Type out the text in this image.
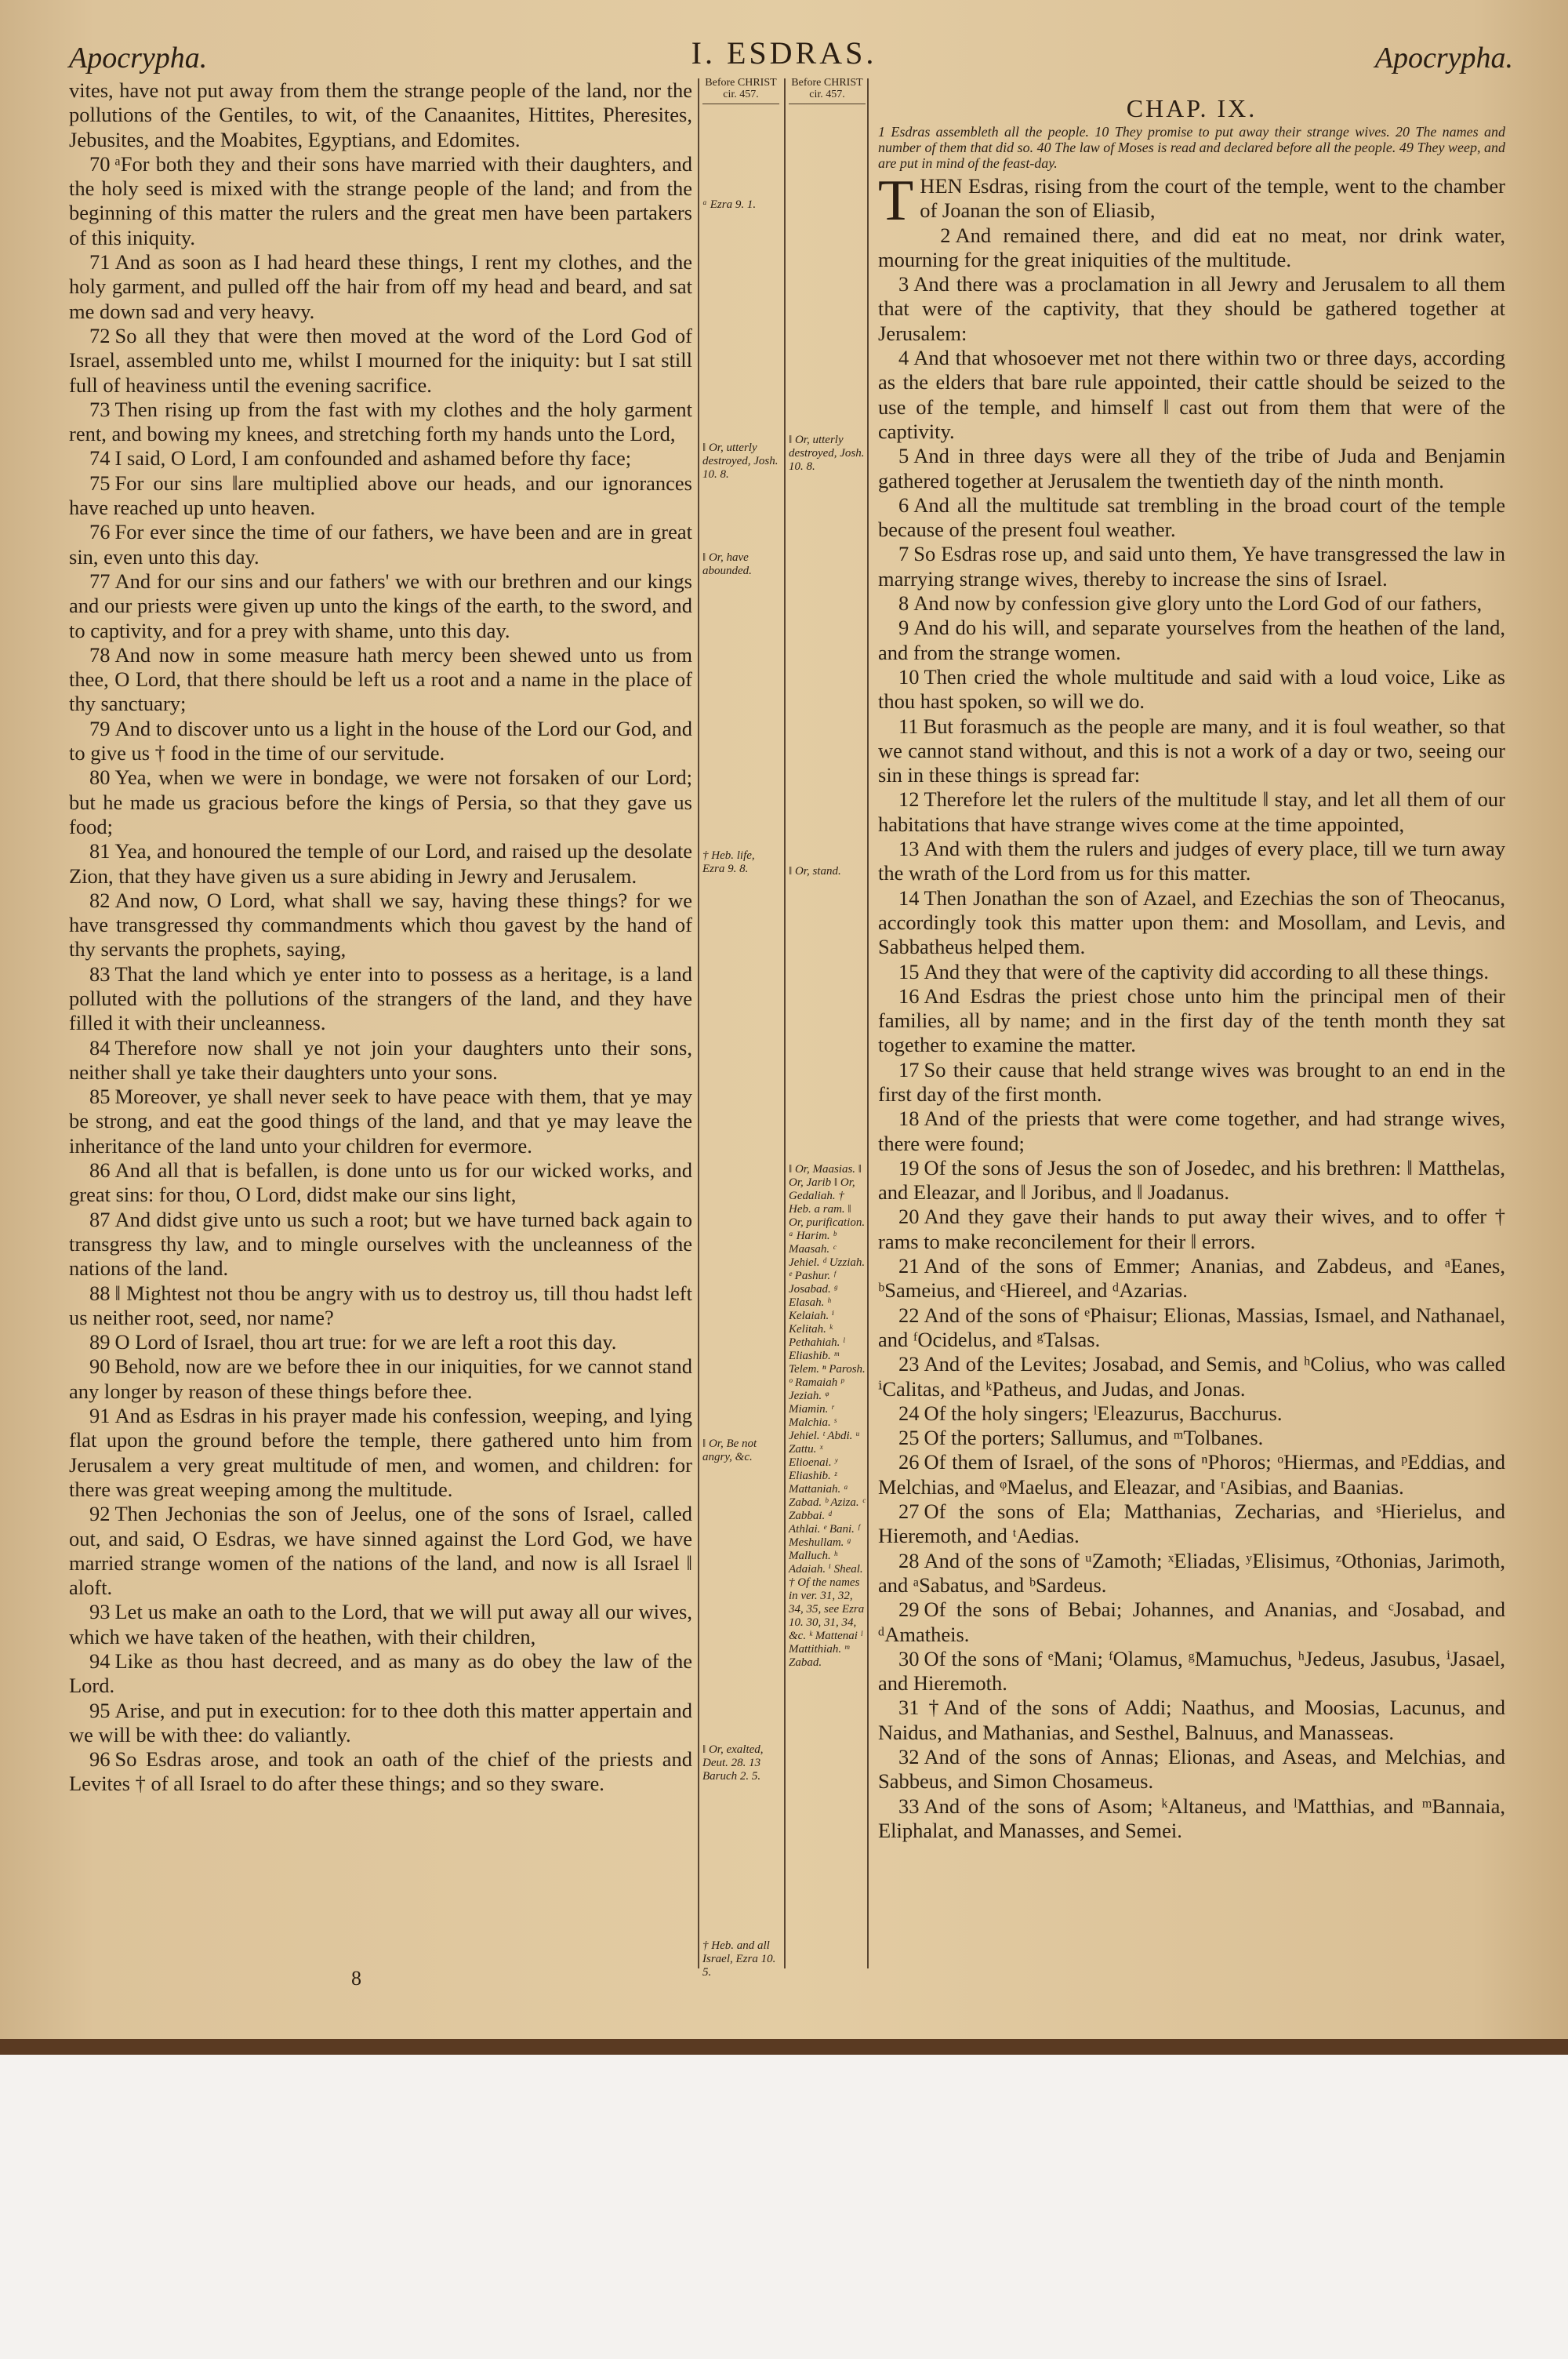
Apocrypha.	I. ESDRAS.	Apocrypha.

vites, have not put away from them the strange people of the land, nor the pollutions of the Gentiles, to wit, of the Canaanites, Hittites, Pheresites, Jebusites, and the Moabites, Egyptians, and Edomites.

70 ᵃFor both they and their sons have married with their daughters, and the holy seed is mixed with the strange people of the land; and from the beginning of this matter the rulers and the great men have been partakers of this iniquity.

71 And as soon as I had heard these things, I rent my clothes, and the holy garment, and pulled off the hair from off my head and beard, and sat me down sad and very heavy.

72 So all they that were then moved at the word of the Lord God of Israel, assembled unto me, whilst I mourned for the iniquity: but I sat still full of heaviness until the evening sacrifice.

73 Then rising up from the fast with my clothes and the holy garment rent, and bowing my knees, and stretching forth my hands unto the Lord,

74 I said, O Lord, I am confounded and ashamed before thy face;

75 For our sins ‖are multiplied above our heads, and our ignorances have reached up unto heaven.

76 For ever since the time of our fathers, we have been and are in great sin, even unto this day.

77 And for our sins and our fathers' we with our brethren and our kings and our priests were given up unto the kings of the earth, to the sword, and to captivity, and for a prey with shame, unto this day.

78 And now in some measure hath mercy been shewed unto us from thee, O Lord, that there should be left us a root and a name in the place of thy sanctuary;

79 And to discover unto us a light in the house of the Lord our God, and to give us † food in the time of our servitude.

80 Yea, when we were in bondage, we were not forsaken of our Lord; but he made us gracious before the kings of Persia, so that they gave us food;

81 Yea, and honoured the temple of our Lord, and raised up the desolate Zion, that they have given us a sure abiding in Jewry and Jerusalem.

82 And now, O Lord, what shall we say, having these things? for we have transgressed thy commandments which thou gavest by the hand of thy servants the prophets, saying,

83 That the land which ye enter into to possess as a heritage, is a land polluted with the pollutions of the strangers of the land, and they have filled it with their uncleanness.

84 Therefore now shall ye not join your daughters unto their sons, neither shall ye take their daughters unto your sons.

85 Moreover, ye shall never seek to have peace with them, that ye may be strong, and eat the good things of the land, and that ye may leave the inheritance of the land unto your children for evermore.

86 And all that is befallen, is done unto us for our wicked works, and great sins: for thou, O Lord, didst make our sins light,

87 And didst give unto us such a root; but we have turned back again to transgress thy law, and to mingle ourselves with the uncleanness of the nations of the land.

88 ‖ Mightest not thou be angry with us to destroy us, till thou hadst left us neither root, seed, nor name?

89 O Lord of Israel, thou art true: for we are left a root this day.

90 Behold, now are we before thee in our iniquities, for we cannot stand any longer by reason of these things before thee.

91 And as Esdras in his prayer made his confession, weeping, and lying flat upon the ground before the temple, there gathered unto him from Jerusalem a very great multitude of men, and women, and children: for there was great weeping among the multitude.

92 Then Jechonias the son of Jeelus, one of the sons of Israel, called out, and said, O Esdras, we have sinned against the Lord God, we have married strange women of the nations of the land, and now is all Israel ‖ aloft.

93 Let us make an oath to the Lord, that we will put away all our wives, which we have taken of the heathen, with their children,

94 Like as thou hast decreed, and as many as do obey the law of the Lord.

95 Arise, and put in execution: for to thee doth this matter appertain and we will be with thee: do valiantly.

96 So Esdras arose, and took an oath of the chief of the priests and Levites † of all Israel to do after these things; and so they sware.

Before CHRIST cir. 457.
ᵃ Ezra 9. 1.
‖ Or, utterly destroyed, Josh. 10. 8.
‖ Or, have abounded.
† Heb. life, Ezra 9. 8.
‖ Or, Be not angry, &c.
‖ Or, exalted, Deut. 28. 13 Baruch 2. 5.
† Heb. and all Israel, Ezra 10. 5.
Before CHRIST cir. 457.
‖ Or, utterly destroyed, Josh. 10. 8.
‖ Or, stand.
‖ Or, Maasias. ‖ Or, Jarib ‖ Or, Gedaliah. † Heb. a ram. ‖ Or, purification. ᵃ Harim. ᵇ Maasah. ᶜ Jehiel. ᵈ Uzziah. ᵉ Pashur. ᶠ Josabad. ᵍ Elasah. ʰ Kelaiah. ⁱ Kelitah. ᵏ Pethahiah. ˡ Eliashib. ᵐ Telem. ⁿ Parosh. ᵒ Ramaiah ᵖ Jeziah. ᵠ Miamin. ʳ Malchia. ˢ Jehiel. ᵗ Abdi. ᵘ Zattu. ˣ Elioenai. ʸ Eliashib. ᶻ Mattaniah. ᵃ Zabad. ᵇ Aziza. ᶜ Zabbai. ᵈ Athlai. ᵉ Bani. ᶠ Meshullam. ᵍ Malluch. ʰ Adaiah. ⁱ Sheal. † Of the names in ver. 31, 32, 34, 35, see Ezra 10. 30, 31, 34, &c. ᵏ Mattenai ˡ Mattithiah. ᵐ Zabad.
CHAP. IX.
1 Esdras assembleth all the people. 10 They promise to put away their strange wives. 20 The names and number of them that did so. 40 The law of Moses is read and declared before all the people. 49 They weep, and are put in mind of the feast-day.

THEN Esdras, rising from the court of the temple, went to the chamber of Joanan the son of Eliasib,

2 And remained there, and did eat no meat, nor drink water, mourning for the great iniquities of the multitude.

3 And there was a proclamation in all Jewry and Jerusalem to all them that were of the captivity, that they should be gathered together at Jerusalem:

4 And that whosoever met not there within two or three days, according as the elders that bare rule appointed, their cattle should be seized to the use of the temple, and himself ‖ cast out from them that were of the captivity.

5 And in three days were all they of the tribe of Juda and Benjamin gathered together at Jerusalem the twentieth day of the ninth month.

6 And all the multitude sat trembling in the broad court of the temple because of the present foul weather.

7 So Esdras rose up, and said unto them, Ye have transgressed the law in marrying strange wives, thereby to increase the sins of Israel.

8 And now by confession give glory unto the Lord God of our fathers,

9 And do his will, and separate yourselves from the heathen of the land, and from the strange women.

10 Then cried the whole multitude and said with a loud voice, Like as thou hast spoken, so will we do.

11 But forasmuch as the people are many, and it is foul weather, so that we cannot stand without, and this is not a work of a day or two, seeing our sin in these things is spread far:

12 Therefore let the rulers of the multitude ‖ stay, and let all them of our habitations that have strange wives come at the time appointed,

13 And with them the rulers and judges of every place, till we turn away the wrath of the Lord from us for this matter.

14 Then Jonathan the son of Azael, and Ezechias the son of Theocanus, accordingly took this matter upon them: and Mosollam, and Levis, and Sabbatheus helped them.

15 And they that were of the captivity did according to all these things.

16 And Esdras the priest chose unto him the principal men of their families, all by name; and in the first day of the tenth month they sat together to examine the matter.

17 So their cause that held strange wives was brought to an end in the first day of the first month.

18 And of the priests that were come together, and had strange wives, there were found;

19 Of the sons of Jesus the son of Josedec, and his brethren: ‖ Matthelas, and Eleazar, and ‖ Joribus, and ‖ Joadanus.

20 And they gave their hands to put away their wives, and to offer † rams to make reconcilement for their ‖ errors.

21 And of the sons of Emmer; Ananias, and Zabdeus, and ᵃEanes, ᵇSameius, and ᶜHiereel, and ᵈAzarias.

22 And of the sons of ᵉPhaisur; Elionas, Massias, Ismael, and Nathanael, and ᶠOcidelus, and ᵍTalsas.

23 And of the Levites; Josabad, and Semis, and ʰColius, who was called ⁱCalitas, and ᵏPatheus, and Judas, and Jonas.

24 Of the holy singers; ˡEleazurus, Bacchurus.

25 Of the porters; Sallumus, and ᵐTolbanes.

26 Of them of Israel, of the sons of ⁿPhoros; ᵒHiermas, and ᵖEddias, and Melchias, and ᵠMaelus, and Eleazar, and ʳAsibias, and Baanias.

27 Of the sons of Ela; Matthanias, Zecharias, and ˢHierielus, and Hieremoth, and ᵗAedias.

28 And of the sons of ᵘZamoth; ˣEliadas, ʸElisimus, ᶻOthonias, Jarimoth, and ᵃSabatus, and ᵇSardeus.

29 Of the sons of Bebai; Johannes, and Ananias, and ᶜJosabad, and ᵈAmatheis.

30 Of the sons of ᵉMani; ᶠOlamus, ᵍMamuchus, ʰJedeus, Jasubus, ⁱJasael, and Hieremoth.

31 †And of the sons of Addi; Naathus, and Moosias, Lacunus, and Naidus, and Mathanias, and Sesthel, Balnuus, and Manasseas.

32 And of the sons of Annas; Elionas, and Aseas, and Melchias, and Sabbeus, and Simon Chosameus.

33 And of the sons of Asom; ᵏAltaneus, and ˡMatthias, and ᵐBannaia, Eliphalat, and Manasses, and Semei.

8
